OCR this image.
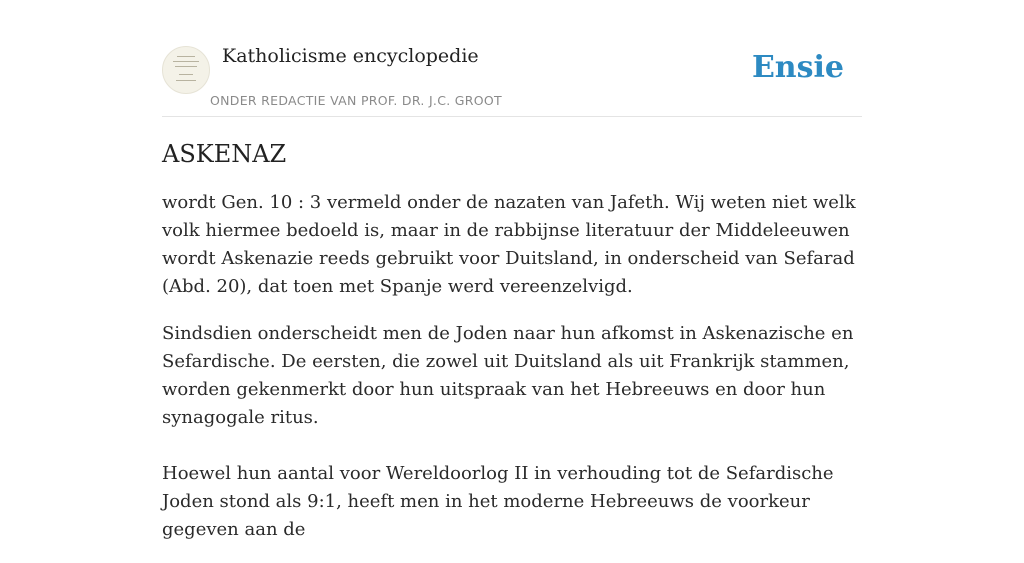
Katholicisme encyclopedie
ONDER REDACTIE VAN PROF. DR. J.C. GROOT
Ensie
ASKENAZ

wordt Gen. 10 : 3 vermeld onder de nazaten van Jafeth. Wij weten niet welk volk hiermee bedoeld is, maar in de rabbijnse literatuur der Middeleeuwen wordt Askenazie reeds gebruikt voor Duitsland, in onderscheid van Sefarad (Abd. 20), dat toen met Spanje werd vereenzelvigd.

Sindsdien onderscheidt men de Joden naar hun afkomst in Askenazische en Sefardische. De eersten, die zowel uit Duitsland als uit Frankrijk stammen, worden gekenmerkt door hun uitspraak van het Hebreeuws en door hun synagogale ritus.

Hoewel hun aantal voor Wereldoorlog II in verhouding tot de Sefardische Joden stond als 9:1, heeft men in het moderne Hebreeuws de voorkeur gegeven aan de
